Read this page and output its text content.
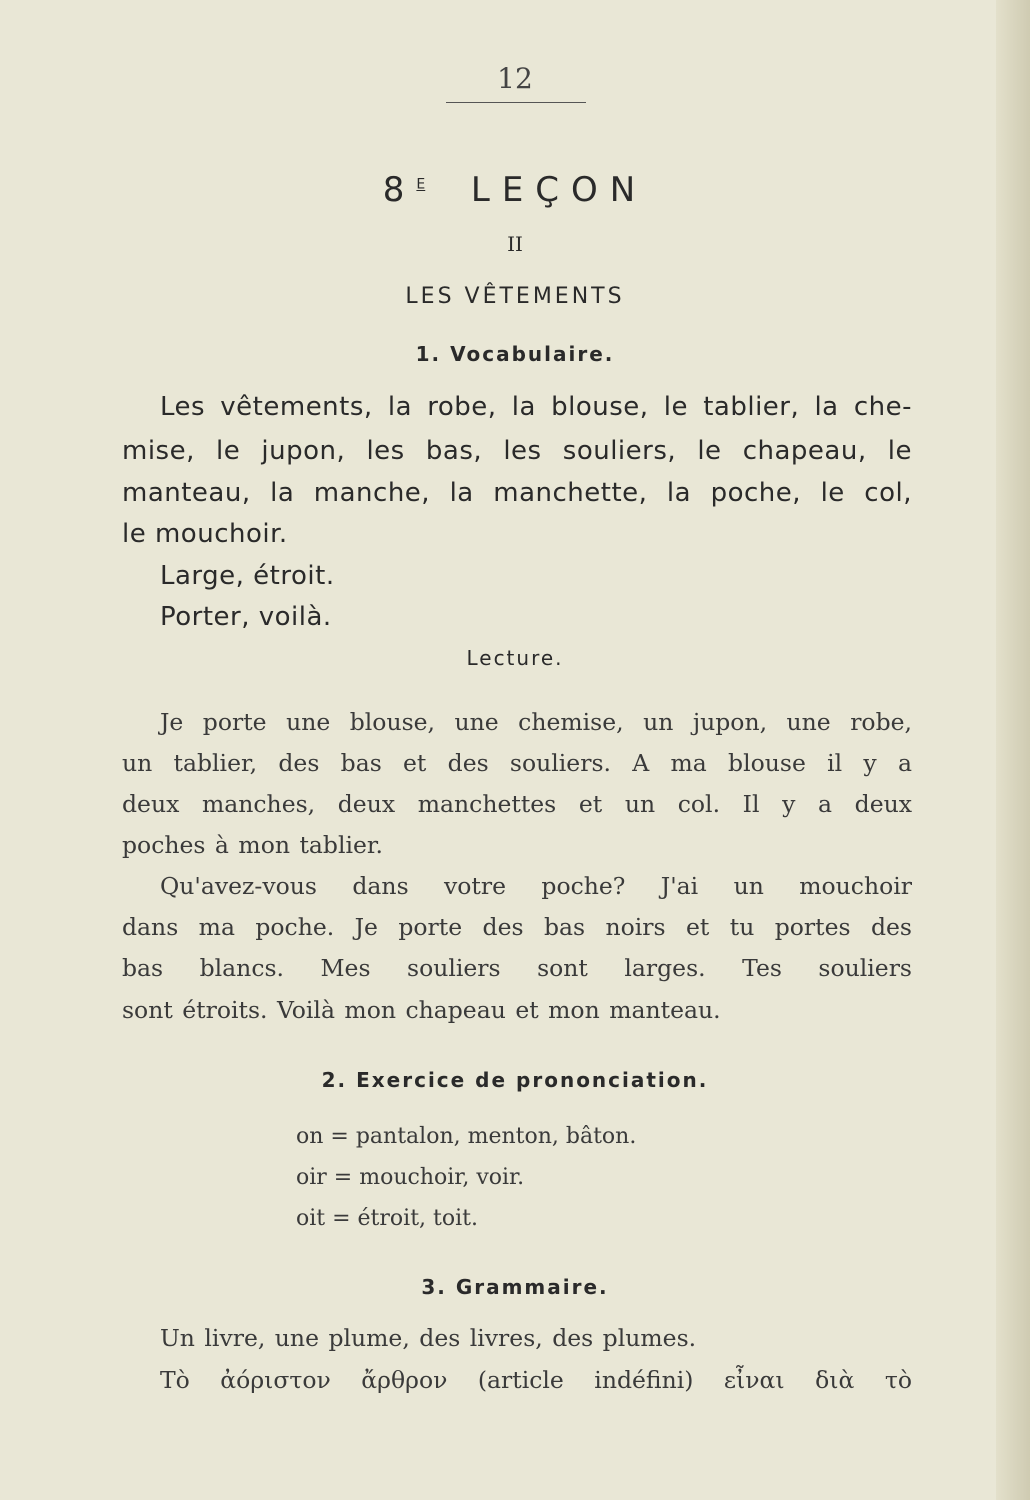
12
$8^E$ LEÇON
II
LES VÊTEMENTS
1. Vocabulaire.
Les vêtements, la robe, la blouse, le tablier, la che-
mise, le jupon, les bas, les souliers, le chapeau, le
manteau, la manche, la manchette, la poche, le col,
le mouchoir.
Large, étroit.
Porter, voilà.
Lecture.
Je porte une blouse, une chemise, un jupon, une robe,
un tablier, des bas et des souliers. A ma blouse il y a
deux manches, deux manchettes et un col. Il y a deux
poches à mon tablier.
Qu'avez-vous dans votre poche? J'ai un mouchoir
dans ma poche. Je porte des bas noirs et tu portes des
bas blancs. Mes souliers sont larges. Tes souliers
sont étroits. Voilà mon chapeau et mon manteau.
2. Exercice de prononciation.
on = pantalon, menton, bâton.
oir = mouchoir, voir.
oit = étroit, toit.
3. Grammaire.
Un livre, une plume, des livres, des plumes.
Τὸ ἀόριστον ἄρθρον (article indéfini) εἶναι διὰ τὸ
